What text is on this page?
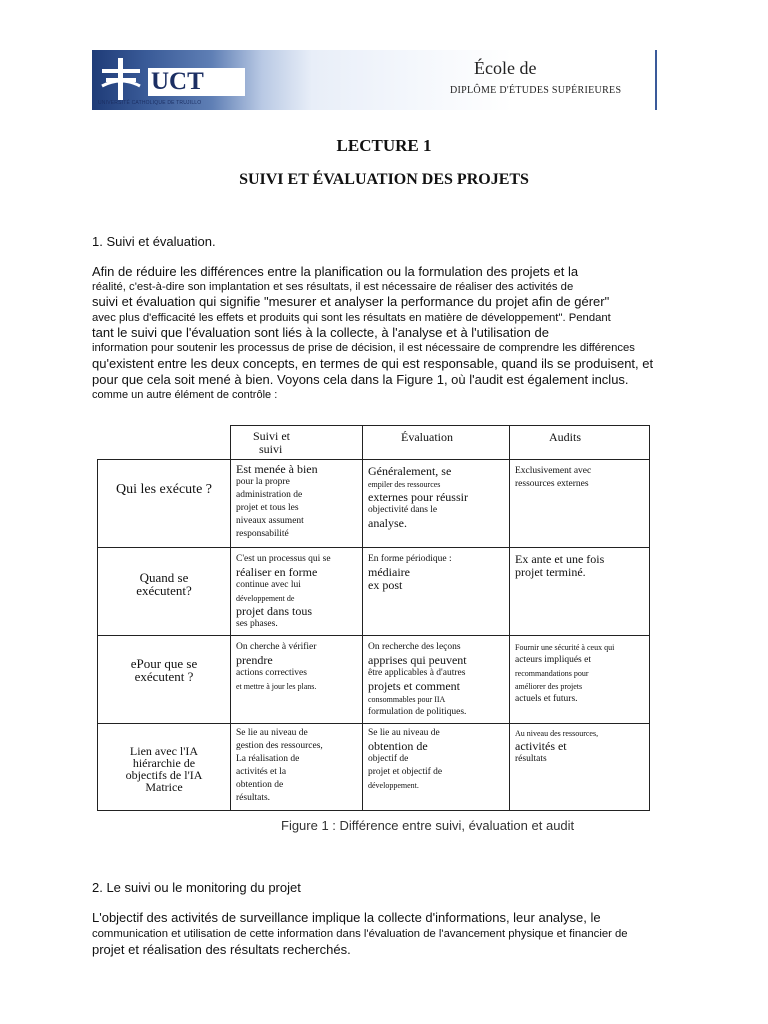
UCT
UNIVERSITÉ CATHOLIQUE DE TRUJILLO
École de
DIPLÔME D'ÉTUDES SUPÉRIEURES
LECTURE 1
SUIVI ET ÉVALUATION DES PROJETS
1. Suivi et évaluation.
Afin de réduire les différences entre la planification ou la formulation des projets et la
réalité, c'est-à-dire son implantation et ses résultats, il est nécessaire de réaliser des activités de
suivi et évaluation qui signifie "mesurer et analyser la performance du projet afin de gérer"
avec plus d'efficacité les effets et produits qui sont les résultats en matière de développement". Pendant
tant le suivi que l'évaluation sont liés à la collecte, à l'analyse et à l'utilisation de
information pour soutenir les processus de prise de décision, il est nécessaire de comprendre les différences
qu'existent entre les deux concepts, en termes de qui est responsable, quand ils se produisent, et
pour que cela soit mené à bien. Voyons cela dans la Figure 1, où l'audit est également inclus.
comme un autre élément de contrôle :
Suivi et
suivi
Évaluation	Audits
Qui les exécute ?
Est menée à bien
pour la propre
administration de
projet et tous les
niveaux assument
responsabilité
Généralement, se
empiler des ressources
externes pour réussir
objectivité dans le
analyse.
Exclusivement avec
ressources externes
Quand se
exécutent?
C'est un processus qui se
réaliser en forme
continue avec lui
développement de
projet dans tous
ses phases.
En forme périodique :
médiaire
ex post
Ex ante et une fois
projet terminé.
ePour que se
exécutent ?
On cherche à vérifier
prendre
actions correctives
et mettre à jour les plans.
On recherche des leçons
apprises qui peuvent
être applicables à d'autres
projets et comment
consommables pour IIA
formulation de politiques.
Fournir une sécurité à ceux qui
acteurs impliqués et
recommandations pour
améliorer des projets
actuels et futurs.
Lien avec l'IA
hiérarchie de
objectifs de l'IA
Matrice
Se lie au niveau de
gestion des ressources,
La réalisation de
activités et la
obtention de
résultats.
Se lie au niveau de
obtention de
objectif de
projet et objectif de
développement.
Au niveau des ressources,
activités et
résultats
Figure 1 : Différence entre suivi, évaluation et audit
2. Le suivi ou le monitoring du projet
L'objectif des activités de surveillance implique la collecte d'informations, leur analyse, le
communication et utilisation de cette information dans l'évaluation de l'avancement physique et financier de
projet et réalisation des résultats recherchés.
